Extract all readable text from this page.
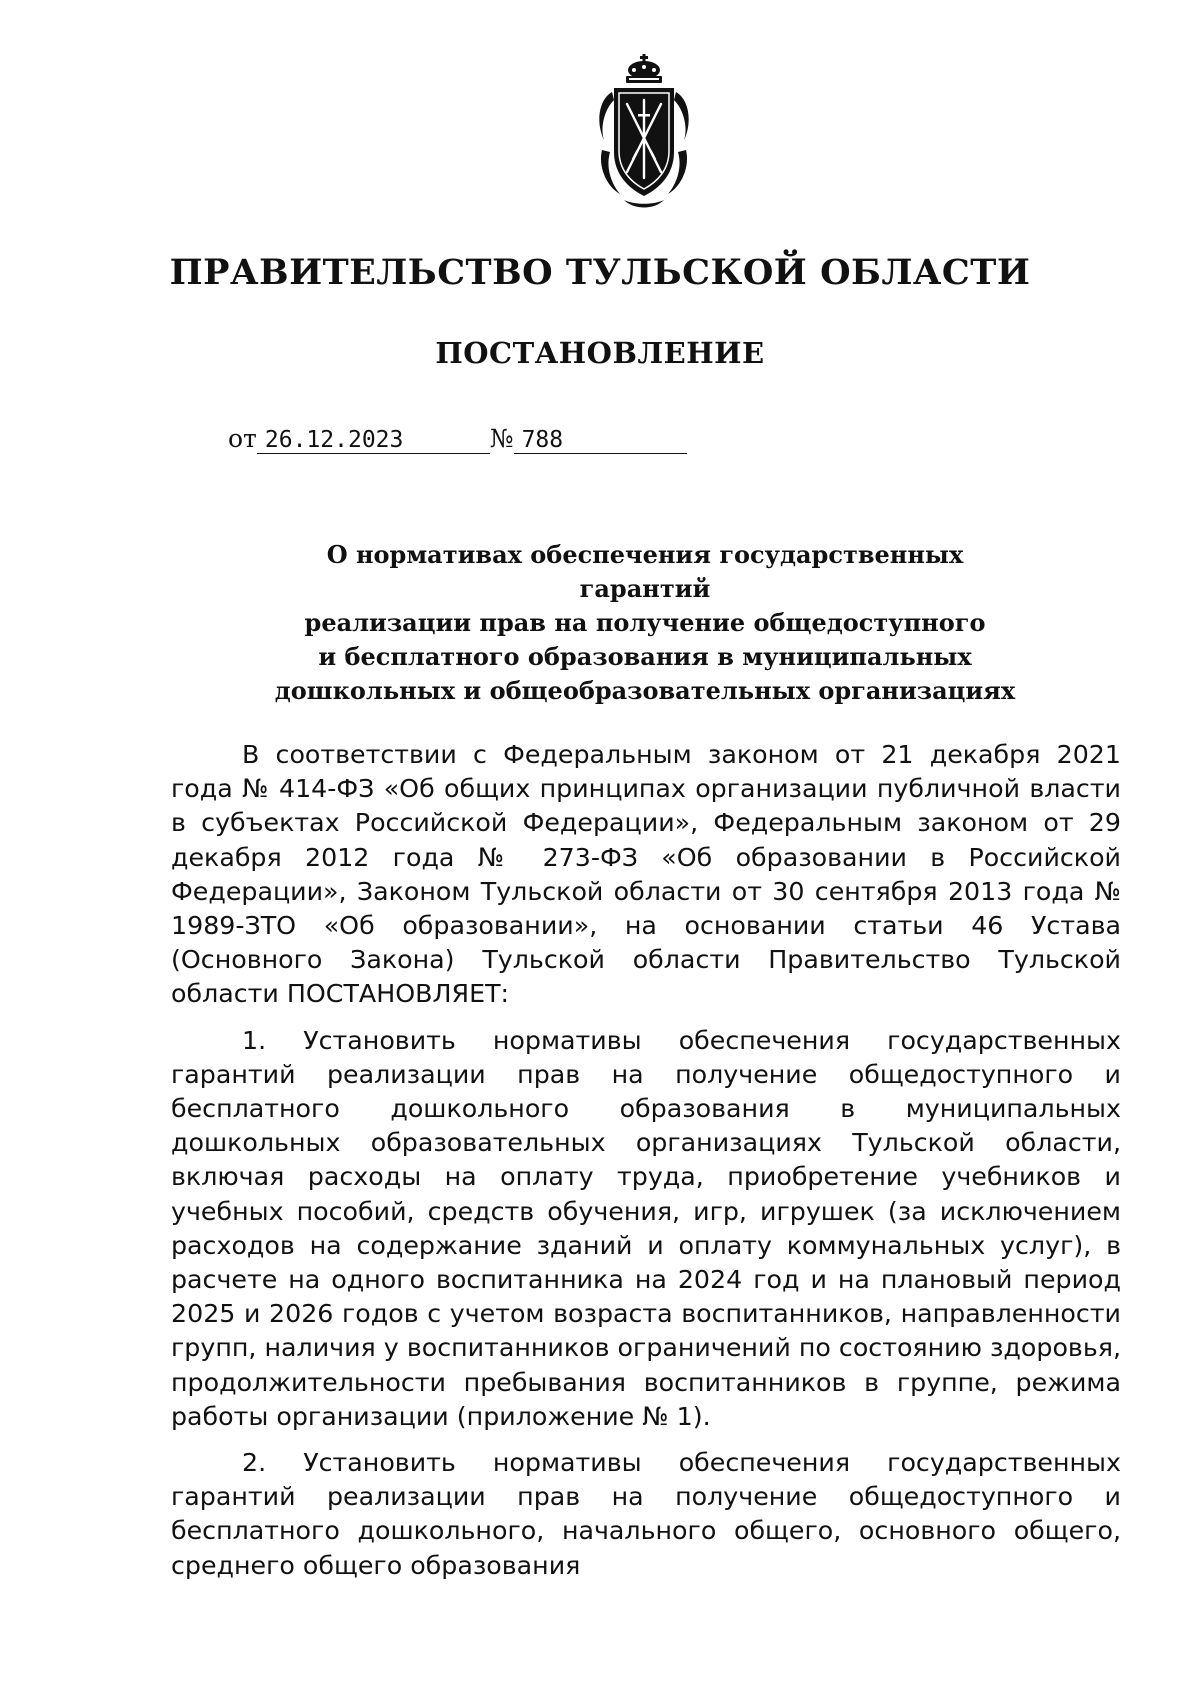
ПРАВИТЕЛЬСТВО ТУЛЬСКОЙ ОБЛАСТИ
ПОСТАНОВЛЕНИЕ
от 26.12.2023	№ 788
О нормативах обеспечения государственных гарантий
реализации прав на получение общедоступного
и бесплатного образования в муниципальных
дошкольных и общеобразовательных организациях

В соответствии с Федеральным законом от 21 декабря 2021 года № 414-ФЗ «Об общих принципах организации публичной власти в субъектах Российской Федерации», Федеральным законом от 29 декабря 2012 года № 273-ФЗ «Об образовании в Российской Федерации», Законом Тульской области от 30 сентября 2013 года № 1989-ЗТО «Об образовании», на основании статьи 46 Устава (Основного Закона) Тульской области Правительство Тульской области ПОСТАНОВЛЯЕТ:

1. Установить нормативы обеспечения государственных гарантий реализации прав на получение общедоступного и бесплатного дошкольного образования в муниципальных дошкольных образовательных организациях Тульской области, включая расходы на оплату труда, приобретение учебников и учебных пособий, средств обучения, игр, игрушек (за исключением расходов на содержание зданий и оплату коммунальных услуг), в расчете на одного воспитанника на 2024 год и на плановый период 2025 и 2026 годов с учетом возраста воспитанников, направленности групп, наличия у воспитанников ограничений по состоянию здоровья, продолжительности пребывания воспитанников в группе, режима работы организации (приложение № 1).

2. Установить нормативы обеспечения государственных гарантий реализации прав на получение общедоступного и бесплатного дошкольного, начального общего, основного общего, среднего общего образования
